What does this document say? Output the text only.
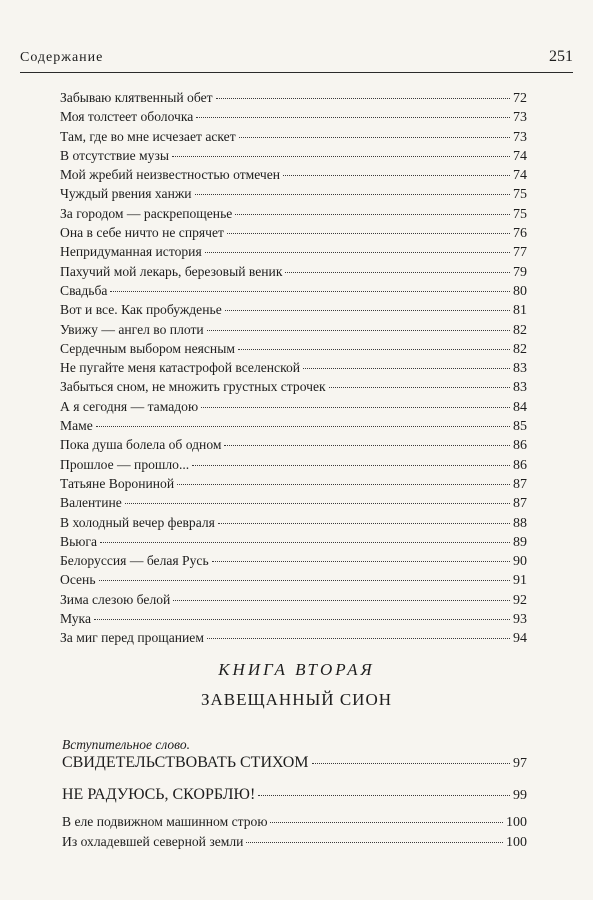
Содержание	251
Забываю клятвенный обет	72
Моя толстеет оболочка	73
Там, где во мне исчезает аскет	73
В отсутствие музы	74
Мой жребий неизвестностью отмечен	74
Чуждый рвения ханжи	75
За городом — раскрепощенье	75
Она в себе ничто не спрячет	76
Непридуманная история	77
Пахучий мой лекарь, березовый веник	79
Свадьба	80
Вот и все. Как пробужденье	81
Увижу — ангел во плоти	82
Сердечным выбором неясным	82
Не пугайте меня катастрофой вселенской	83
Забыться сном, не множить грустных строчек	83
А я сегодня — тамадою	84
Маме	85
Пока душа болела об одном	86
Прошлое — прошло...	86
Татьяне Ворониной	87
Валентине	87
В холодный вечер февраля	88
Вьюга	89
Белоруссия — белая Русь	90
Осень	91
Зима слезою белой	92
Мука	93
За миг перед прощанием	94
КНИГА ВТОРАЯ
ЗАВЕЩАННЫЙ СИОН
Вступительное слово.
СВИДЕТЕЛЬСТВОВАТЬ СТИХОМ	97
НЕ РАДУЮСЬ, СКОРБЛЮ!	99
В еле подвижном машинном строю	100
Из охладевшей северной земли	100
